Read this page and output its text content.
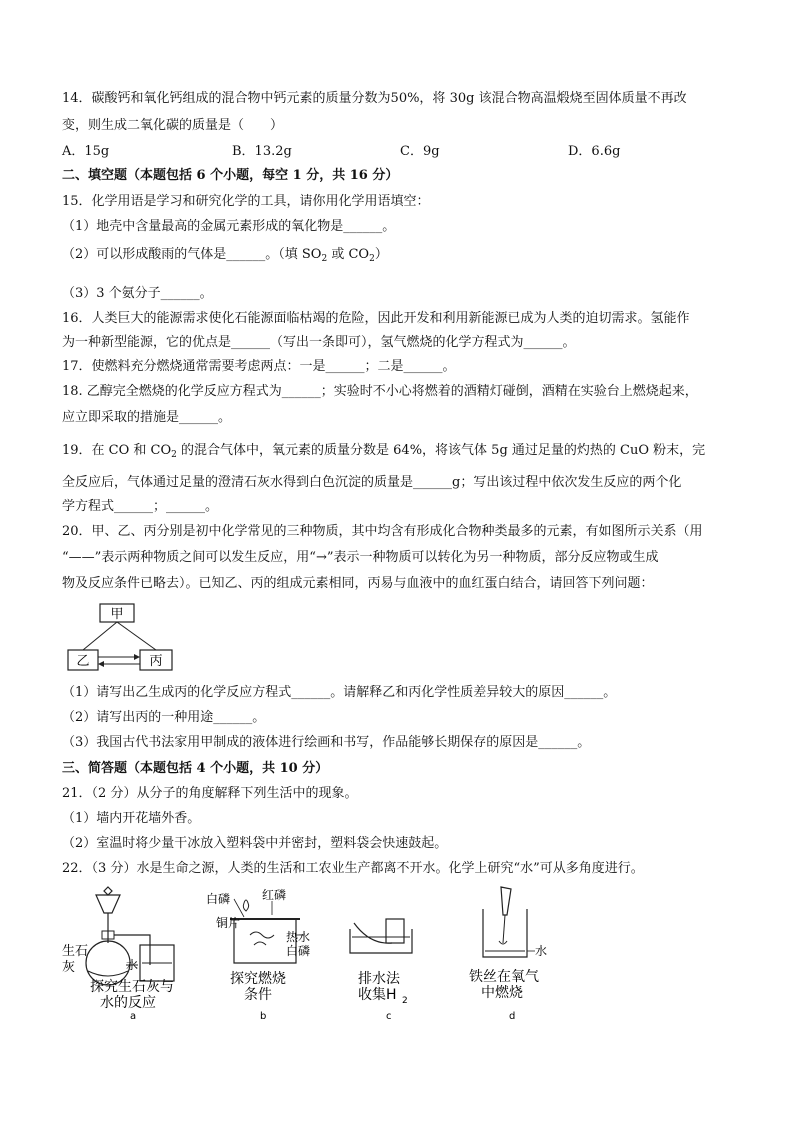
14．碳酸钙和氧化钙组成的混合物中钙元素的质量分数为50%，将 30g 该混合物高温煅烧至固体质量不再改
变，则生成二氧化碳的质量是（　　）
A．15g	B．13.2g	C．9g	D．6.6g
二、填空题（本题包括 6 个小题，每空 1 分，共 16 分）
15．化学用语是学习和研究化学的工具，请你用化学用语填空：
（1）地壳中含量最高的金属元素形成的氧化物是______。
（2）可以形成酸雨的气体是______。（填 $SO_2$ 或 $CO_2$）
（3）3 个氨分子______。
16．人类巨大的能源需求使化石能源面临枯竭的危险，因此开发和利用新能源已成为人类的迫切需求。氢能作
为一种新型能源，它的优点是______（写出一条即可），氢气燃烧的化学方程式为______。
17．使燃料充分燃烧通常需要考虑两点：一是______；二是______。
18. 乙醇完全燃烧的化学反应方程式为______；实验时不小心将燃着的酒精灯碰倒，酒精在实验台上燃烧起来，
应立即采取的措施是______。
19．在 CO 和 $CO_2$ 的混合气体中，氧元素的质量分数是 64%，将该气体 5g 通过足量的灼热的 CuO 粉末，完
全反应后，气体通过足量的澄清石灰水得到白色沉淀的质量是______g；写出该过程中依次发生反应的两个化
学方程式______；______。
20．甲、乙、丙分别是初中化学常见的三种物质，其中均含有形成化合物种类最多的元素，有如图所示关系（用
“——”表示两种物质之间可以发生反应，用“→”表示一种物质可以转化为另一种物质，部分反应物或生成
物及反应条件已略去）。已知乙、丙的组成元素相同，丙易与血液中的血红蛋白结合，请回答下列问题：
甲
乙	丙
（1）请写出乙生成丙的化学反应方程式______。请解释乙和丙化学性质差异较大的原因______。
（2）请写出丙的一种用途______。
（3）我国古代书法家用甲制成的液体进行绘画和书写，作品能够长期保存的原因是______。
三、简答题（本题包括 4 个小题，共 10 分）
21．（2 分）从分子的角度解释下列生活中的现象。
（1）墙内开花墙外香。
（2）室温时将少量干冰放入塑料袋中并密封，塑料袋会快速鼓起。
22．（3 分）水是生命之源，人类的生活和工农业生产都离不开水。化学上研究“水”可从多角度进行。
水
生石
灰
探究生石灰与
水的反应
a
白磷	红磷
铜片
热水
白磷
探究燃烧
条件
b
排水法
收集H 2
c
水
铁丝在氧气
中燃烧
d
